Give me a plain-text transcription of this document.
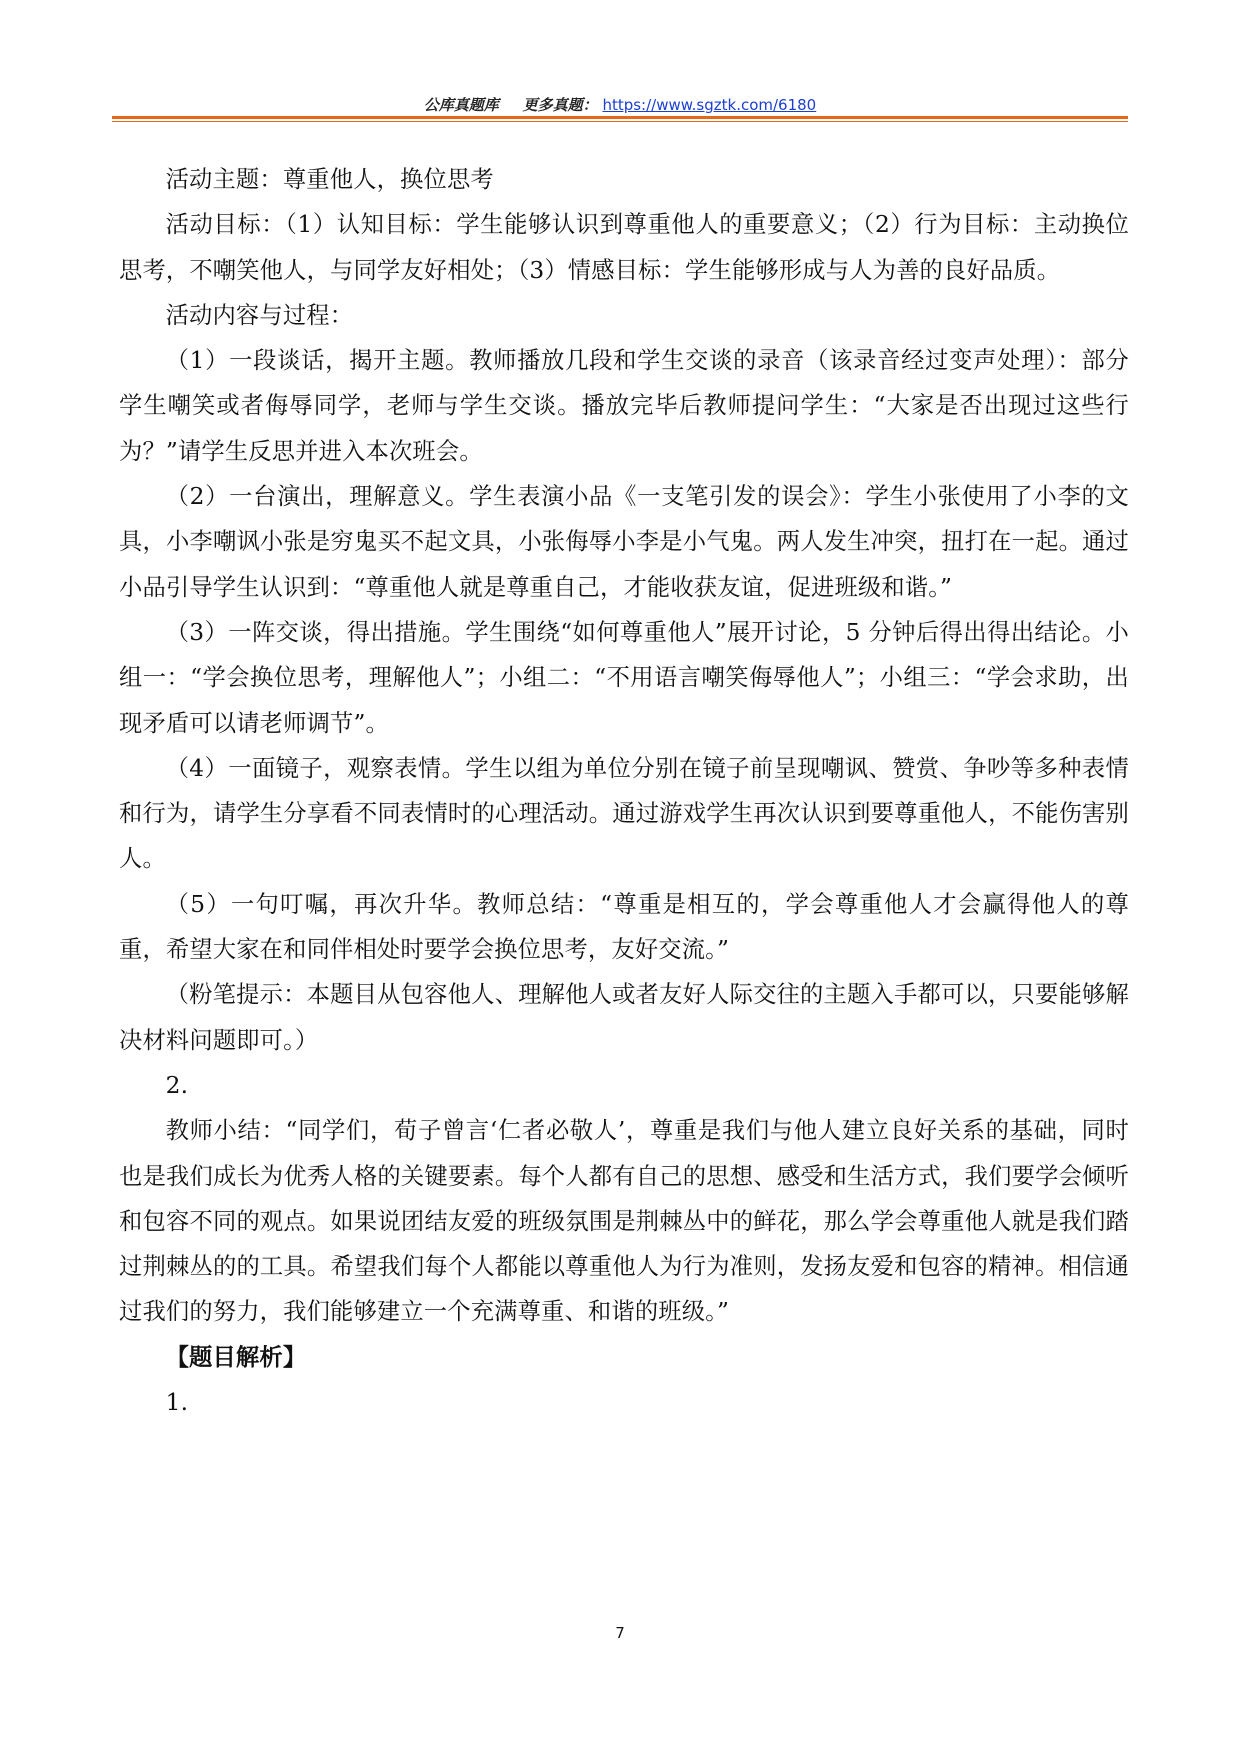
公库真题库 更多真题： https://www.sgztk.com/6180

活动主题：尊重他人，换位思考

活动目标：（1）认知目标：学生能够认识到尊重他人的重要意义；（2）行为目标：主动换位思考，不嘲笑他人，与同学友好相处；（3）情感目标：学生能够形成与人为善的良好品质。

活动内容与过程：

（1）一段谈话，揭开主题。教师播放几段和学生交谈的录音（该录音经过变声处理）：部分学生嘲笑或者侮辱同学，老师与学生交谈。播放完毕后教师提问学生：“大家是否出现过这些行为？”请学生反思并进入本次班会。

（2）一台演出，理解意义。学生表演小品《一支笔引发的误会》：学生小张使用了小李的文具，小李嘲讽小张是穷鬼买不起文具，小张侮辱小李是小气鬼。两人发生冲突，扭打在一起。通过小品引导学生认识到：“尊重他人就是尊重自己，才能收获友谊，促进班级和谐。”

（3）一阵交谈，得出措施。学生围绕“如何尊重他人”展开讨论，5 分钟后得出得出结论。小组一：“学会换位思考，理解他人”；小组二：“不用语言嘲笑侮辱他人”；小组三：“学会求助，出现矛盾可以请老师调节”。

（4）一面镜子，观察表情。学生以组为单位分别在镜子前呈现嘲讽、赞赏、争吵等多种表情和行为，请学生分享看不同表情时的心理活动。通过游戏学生再次认识到要尊重他人，不能伤害别人。

（5）一句叮嘱，再次升华。教师总结：“尊重是相互的，学会尊重他人才会赢得他人的尊重，希望大家在和同伴相处时要学会换位思考，友好交流。”

（粉笔提示：本题目从包容他人、理解他人或者友好人际交往的主题入手都可以，只要能够解决材料问题即可。）

2.

教师小结：“同学们，荀子曾言‘仁者必敬人’，尊重是我们与他人建立良好关系的基础，同时也是我们成长为优秀人格的关键要素。每个人都有自己的思想、感受和生活方式，我们要学会倾听和包容不同的观点。如果说团结友爱的班级氛围是荆棘丛中的鲜花，那么学会尊重他人就是我们踏过荆棘丛的的工具。希望我们每个人都能以尊重他人为行为准则，发扬友爱和包容的精神。相信通过我们的努力，我们能够建立一个充满尊重、和谐的班级。”

【题目解析】

1.

7
